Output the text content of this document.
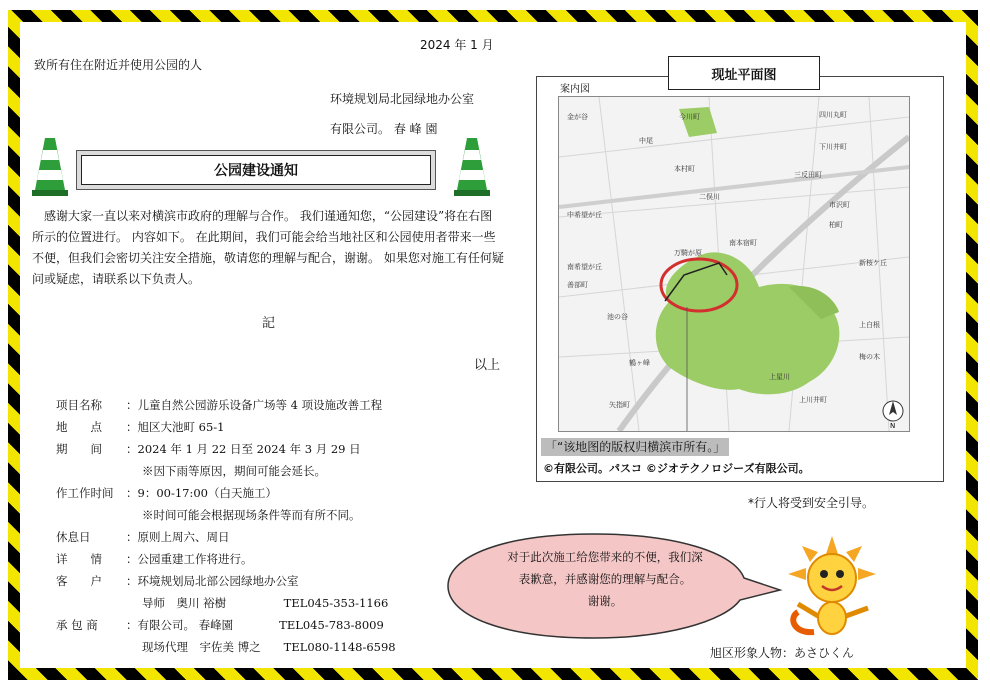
2024 年 1 月
致所有住在附近并使用公园的人
环境规划局北园绿地办公室
有限公司。 春 峰 園
公园建设通知
感谢大家一直以来对横滨市政府的理解与合作。 我们谨通知您，“公园建设”将在右图所示的位置进行。 内容如下。 在此期间，我们可能会给当地社区和公园使用者带来一些不便，但我们会密切关注安全措施，敬请您的理解与配合，谢谢。 如果您对施工有任何疑问或疑虑，请联系以下负责人。
記
以上
项目名称	：儿童自然公园游乐设备广场等 4 项设施改善工程
地　　点	：旭区大池町 65-1
期　　间	：2024 年 1 月 22 日至 2024 年 3 月 29 日
※因下雨等原因，期间可能会延长。
作工作时间	：9：00-17:00（白天施工）
※时间可能会根据现场条件等而有所不同。
休息日	：原则上周六、周日
详　　情	：公园重建工作将进行。
客　　户	：环境规划局北部公园绿地办公室
导师　奥川 裕樹　　　　　TEL045-353-1166
承 包 商	：有限公司。 春峰園　　　　TEL045-783-8009
现场代理　宇佐美 博之　　TEL080-1148-6598
现址平面图
案内図
金が谷	今川町	四川丸町
中尾
本村町
三反田町
下川井町
二俣川
市沢町
中希望が丘
南本宿町
万騎が原
新桜ケ丘
柏町
南希望が丘
池の谷
善部町
鶴ヶ峰
上白根
上川井町
矢指町
梅の木
上星川
N
「“该地图的版权归横滨市所有。」
©有限公司。パスコ ©ジオテクノロジーズ有限公司。
*行人将受到安全引导。
对于此次施工给您带来的不便，我们深
表歉意，并感谢您的理解与配合。
谢谢。
旭区形象人物：あさひくん
